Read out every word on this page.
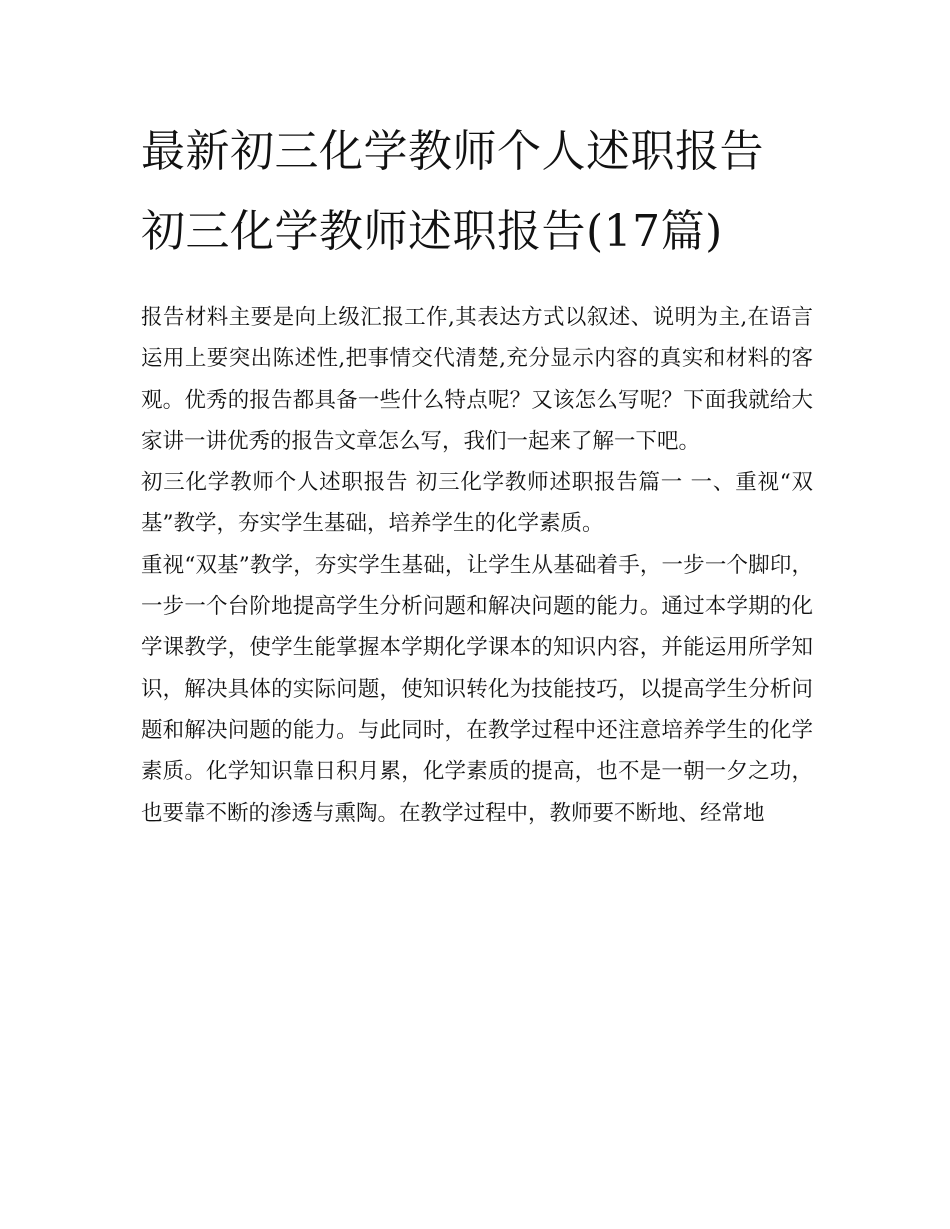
最新初三化学教师个人述职报告 初三化学教师述职报告(17篇)

报告材料主要是向上级汇报工作,其表达方式以叙述、说明为主,在语言运用上要突出陈述性,把事情交代清楚,充分显示内容的真实和材料的客观。优秀的报告都具备一些什么特点呢？又该怎么写呢？下面我就给大家讲一讲优秀的报告文章怎么写，我们一起来了解一下吧。

初三化学教师个人述职报告 初三化学教师述职报告篇一 一、重视“双基”教学，夯实学生基础，培养学生的化学素质。

重视“双基”教学，夯实学生基础，让学生从基础着手，一步一个脚印，一步一个台阶地提高学生分析问题和解决问题的能力。通过本学期的化学课教学，使学生能掌握本学期化学课本的知识内容，并能运用所学知识，解决具体的实际问题，使知识转化为技能技巧，以提高学生分析问题和解决问题的能力。与此同时，在教学过程中还注意培养学生的化学素质。化学知识靠日积月累，化学素质的提高，也不是一朝一夕之功，也要靠不断的渗透与熏陶。在教学过程中，教师要不断地、经常地
